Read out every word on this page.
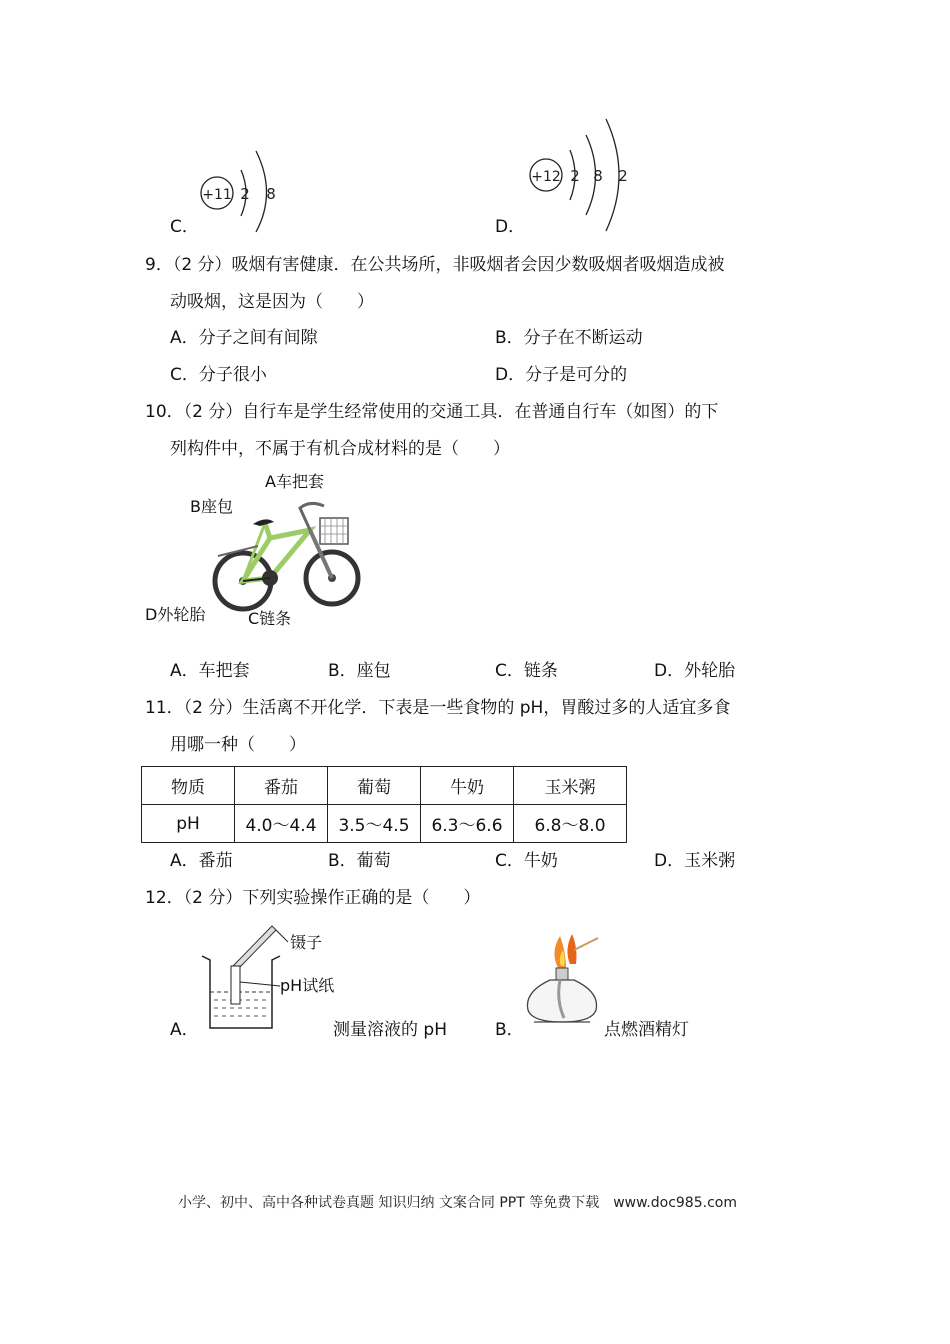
+11 2 8
C．
+12 2 8 2
D．
9．（2 分）吸烟有害健康．在公共场所，非吸烟者会因少数吸烟者吸烟造成被
动吸烟，这是因为（　　）
A．分子之间有间隙	B．分子在不断运动
C．分子很小	D．分子是可分的
10．（2 分）自行车是学生经常使用的交通工具．在普通自行车（如图）的下
列构件中，不属于有机合成材料的是（　　）
A车把套
B座包
D外轮胎	C链条
A．车把套	B．座包	C．链条	D．外轮胎
11．（2 分）生活离不开化学．下表是一些食物的 pH，胃酸过多的人适宜多食
用哪一种（　　）
物质	番茄	葡萄	牛奶	玉米粥
pH	4.0～4.4	3.5～4.5	6.3～6.6	6.8～8.0
A．番茄	B．葡萄	C．牛奶	D．玉米粥
12．（2 分）下列实验操作正确的是（　　）
A．
镊子
pH试纸
测量溶液的 pH	B．	点燃酒精灯
小学、初中、高中各种试卷真题 知识归纳 文案合同 PPT 等免费下载　www.doc985.com
